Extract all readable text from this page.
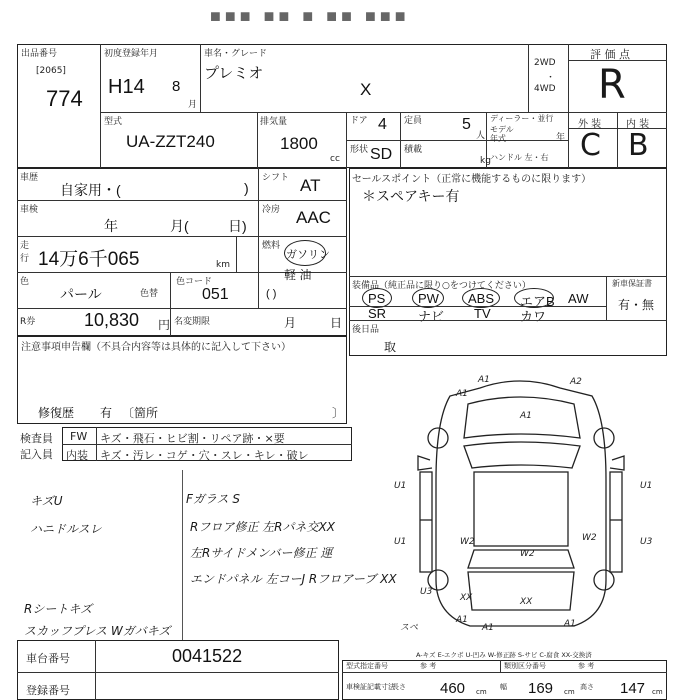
■■■ ■■ ■ ■■ ■■■
出品番号
[2065]
774
初度登録年月
H14 8
月
車名・グレード
プレミオ
X
2WD
・
4WD
評 価 点
R
外 装 内 装
C B
型式
UA-ZZT240
排気量
1800
cc
ドア 4 定員 5
人
ディーラー・並行
モデル年式	年
形状 SD 積載
kg ハンドル 左・右
車歴
自家用・(	)
シフト AT
車検
年	月(	日)
冷房 AAC
走行 14万6千065	km
燃料
ガソリン
軽 油
( )
色
パール	色替
色コード
051
R券	10,830 円 名変期限	月	日
セールスポイント（正常に機能するものに限ります）
＊スペアキー有
装備品（純正品に限り○をつけてください）	新車保証書
有・無
PS	PW ABS エアB AW
SR ナビ TV カワ
後日品
取
注意事項申告欄（不具合内容等は具体的に記入して下さい）
修復歴 有 〔箇所	〕
検査員
記入員
FW キズ・飛石・ヒビ割・リペア跡・×要
内装 キズ・汚レ・コゲ・穴・スレ・キレ・破レ
キズU
ハニドルスレ
Fガラス S
Rフロア修正 左Rパネ交XX
左Rサイドメンバー修正 運
エンドパネル 左コーJ Rフロアーブ XX
Rシートキズ
スカッフプレス Wガバキズ
A1
A1	A2
A1
U1	U1
U1	U3
W2	W2
W2
U3
XX	XX
A1	A1
スペ
A1
A-キズ E-エクボ U-凹み W-修正跡 S-サビ C-腐食 XX-交換済
車台番号	0041522
登録番号
型式指定番号	参 考	類別区分番号	参 考
車検証記載寸法
長さ 460 cm
幅 169 cm
高さ 147 cm
